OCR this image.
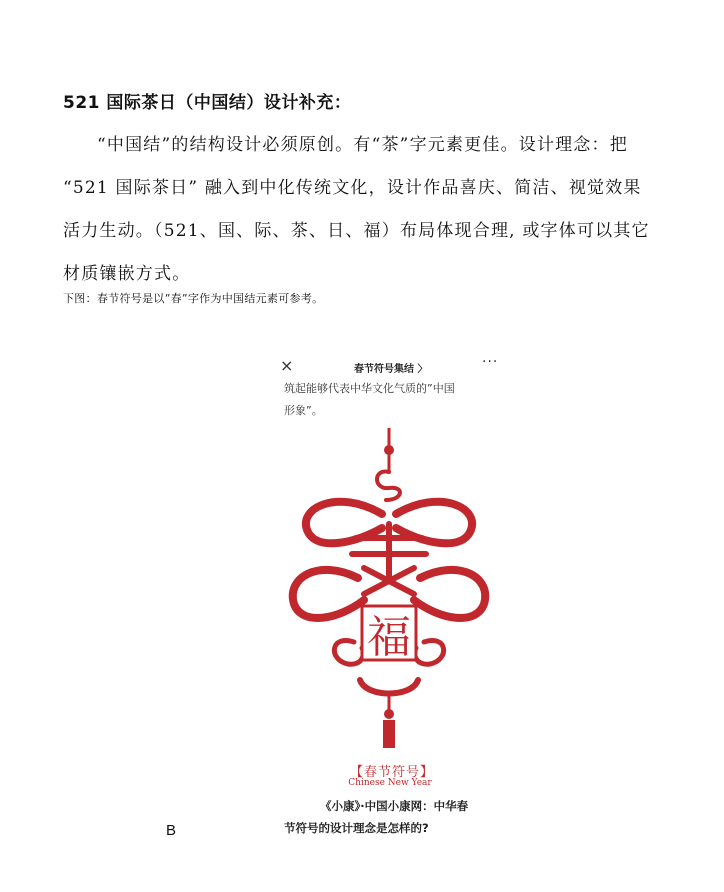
521 国际茶日（中国结）设计补充：
“中国结”的结构设计必须原创。有“茶”字元素更佳。设计理念：把
“521 国际茶日” 融入到中化传统文化，设计作品喜庆、简洁、视觉效果
活力生动。（521、国、际、茶、日、福）布局体现合理, 或字体可以其它
材质镶嵌方式。
下图：春节符号是以”春”字作为中国结元素可参考。
×	春节符号集结 〉	···
筑起能够代表中华文化气质的”中国
形象”。
福
【春节符号】
Chinese New Year
《小康》·中国小康网：中华春
节符号的设计理念是怎样的?
B
